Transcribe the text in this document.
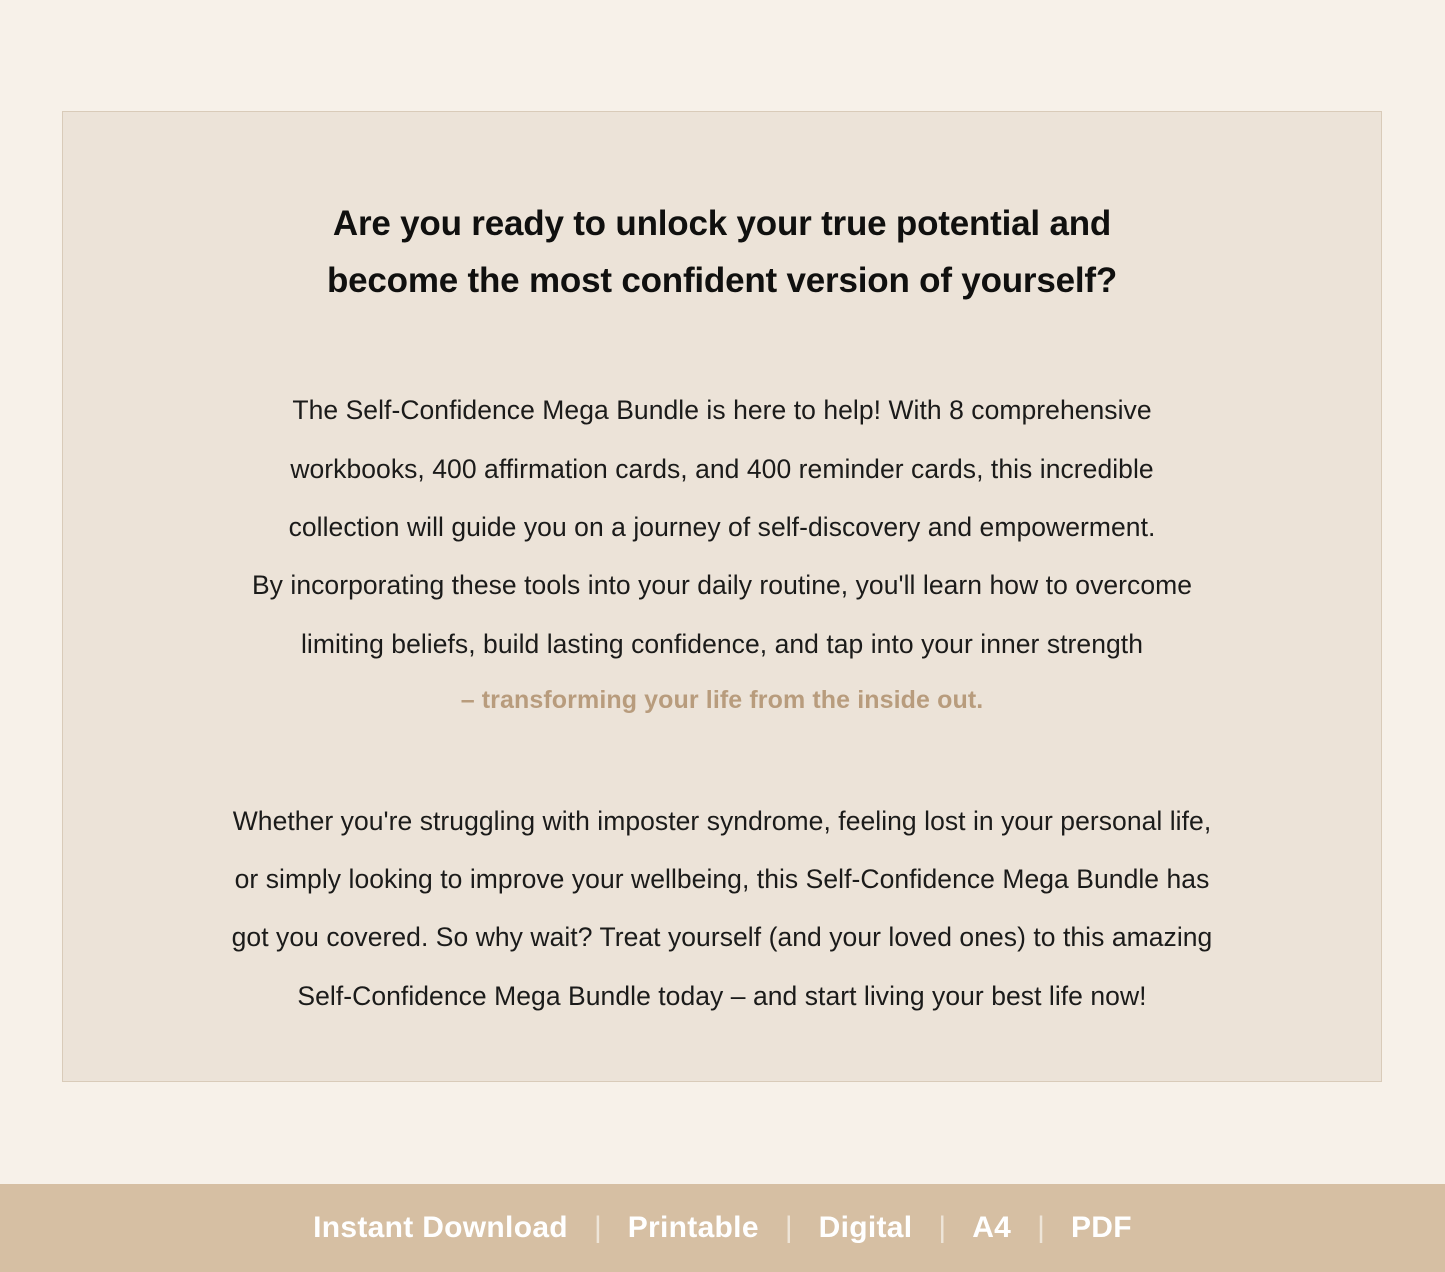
Are you ready to unlock your true potential and
become the most confident version of yourself?

The Self-Confidence Mega Bundle is here to help! With 8 comprehensive
workbooks, 400 affirmation cards, and 400 reminder cards, this incredible
collection will guide you on a journey of self-discovery and empowerment.
By incorporating these tools into your daily routine, you'll learn how to overcome
limiting beliefs, build lasting confidence, and tap into your inner strength
– transforming your life from the inside out.

Whether you're struggling with imposter syndrome, feeling lost in your personal life,
or simply looking to improve your wellbeing, this Self-Confidence Mega Bundle has
got you covered. So why wait? Treat yourself (and your loved ones) to this amazing
Self-Confidence Mega Bundle today – and start living your best life now!

Instant Download | Printable | Digital | A4 | PDF
